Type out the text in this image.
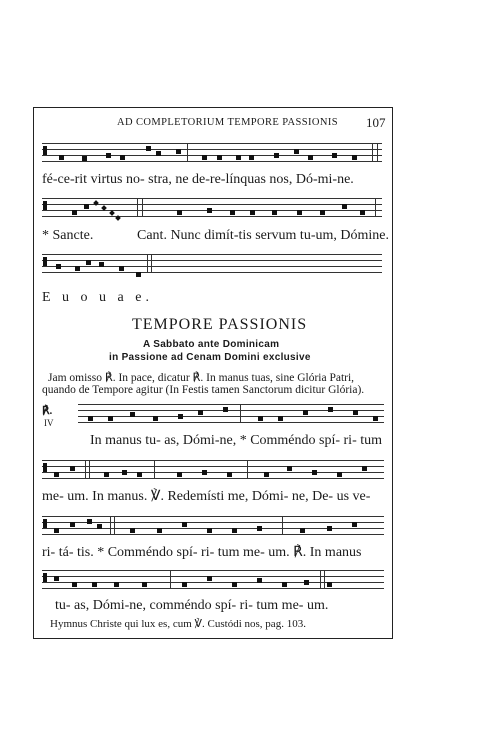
AD COMPLETORIUM TEMPORE PASSIONIS 107
fé-ce-rit virtus no- stra, ne de-re-línquas nos, Dó-mi-ne.
* Sancte.	Cant. Nunc dimít-tis servum tu-um, Dómine.
E u o u a e.
TEMPORE PASSIONIS
A Sabbato ante Dominicam
in Passione ad Cenam Domini exclusive
Jam omisso ℟. In pace, dicatur ℟. In manus tuas, sine Glória Patri,
quando de Tempore agitur (In Festis tamen Sanctorum dicitur Glória).
℟.
IV
In manus tu- as, Dómi-ne, * Comméndo spí- ri- tum
me- um. In manus. ℣. Redemísti me, Dómi- ne, De- us ve-
ri- tá- tis. * Comméndo spí- ri- tum me- um. ℟. In manus
tu- as, Dómi-ne, comméndo spí- ri- tum me- um.
Hymnus Christe qui lux es, cum ℣. Custódi nos, pag. 103.
